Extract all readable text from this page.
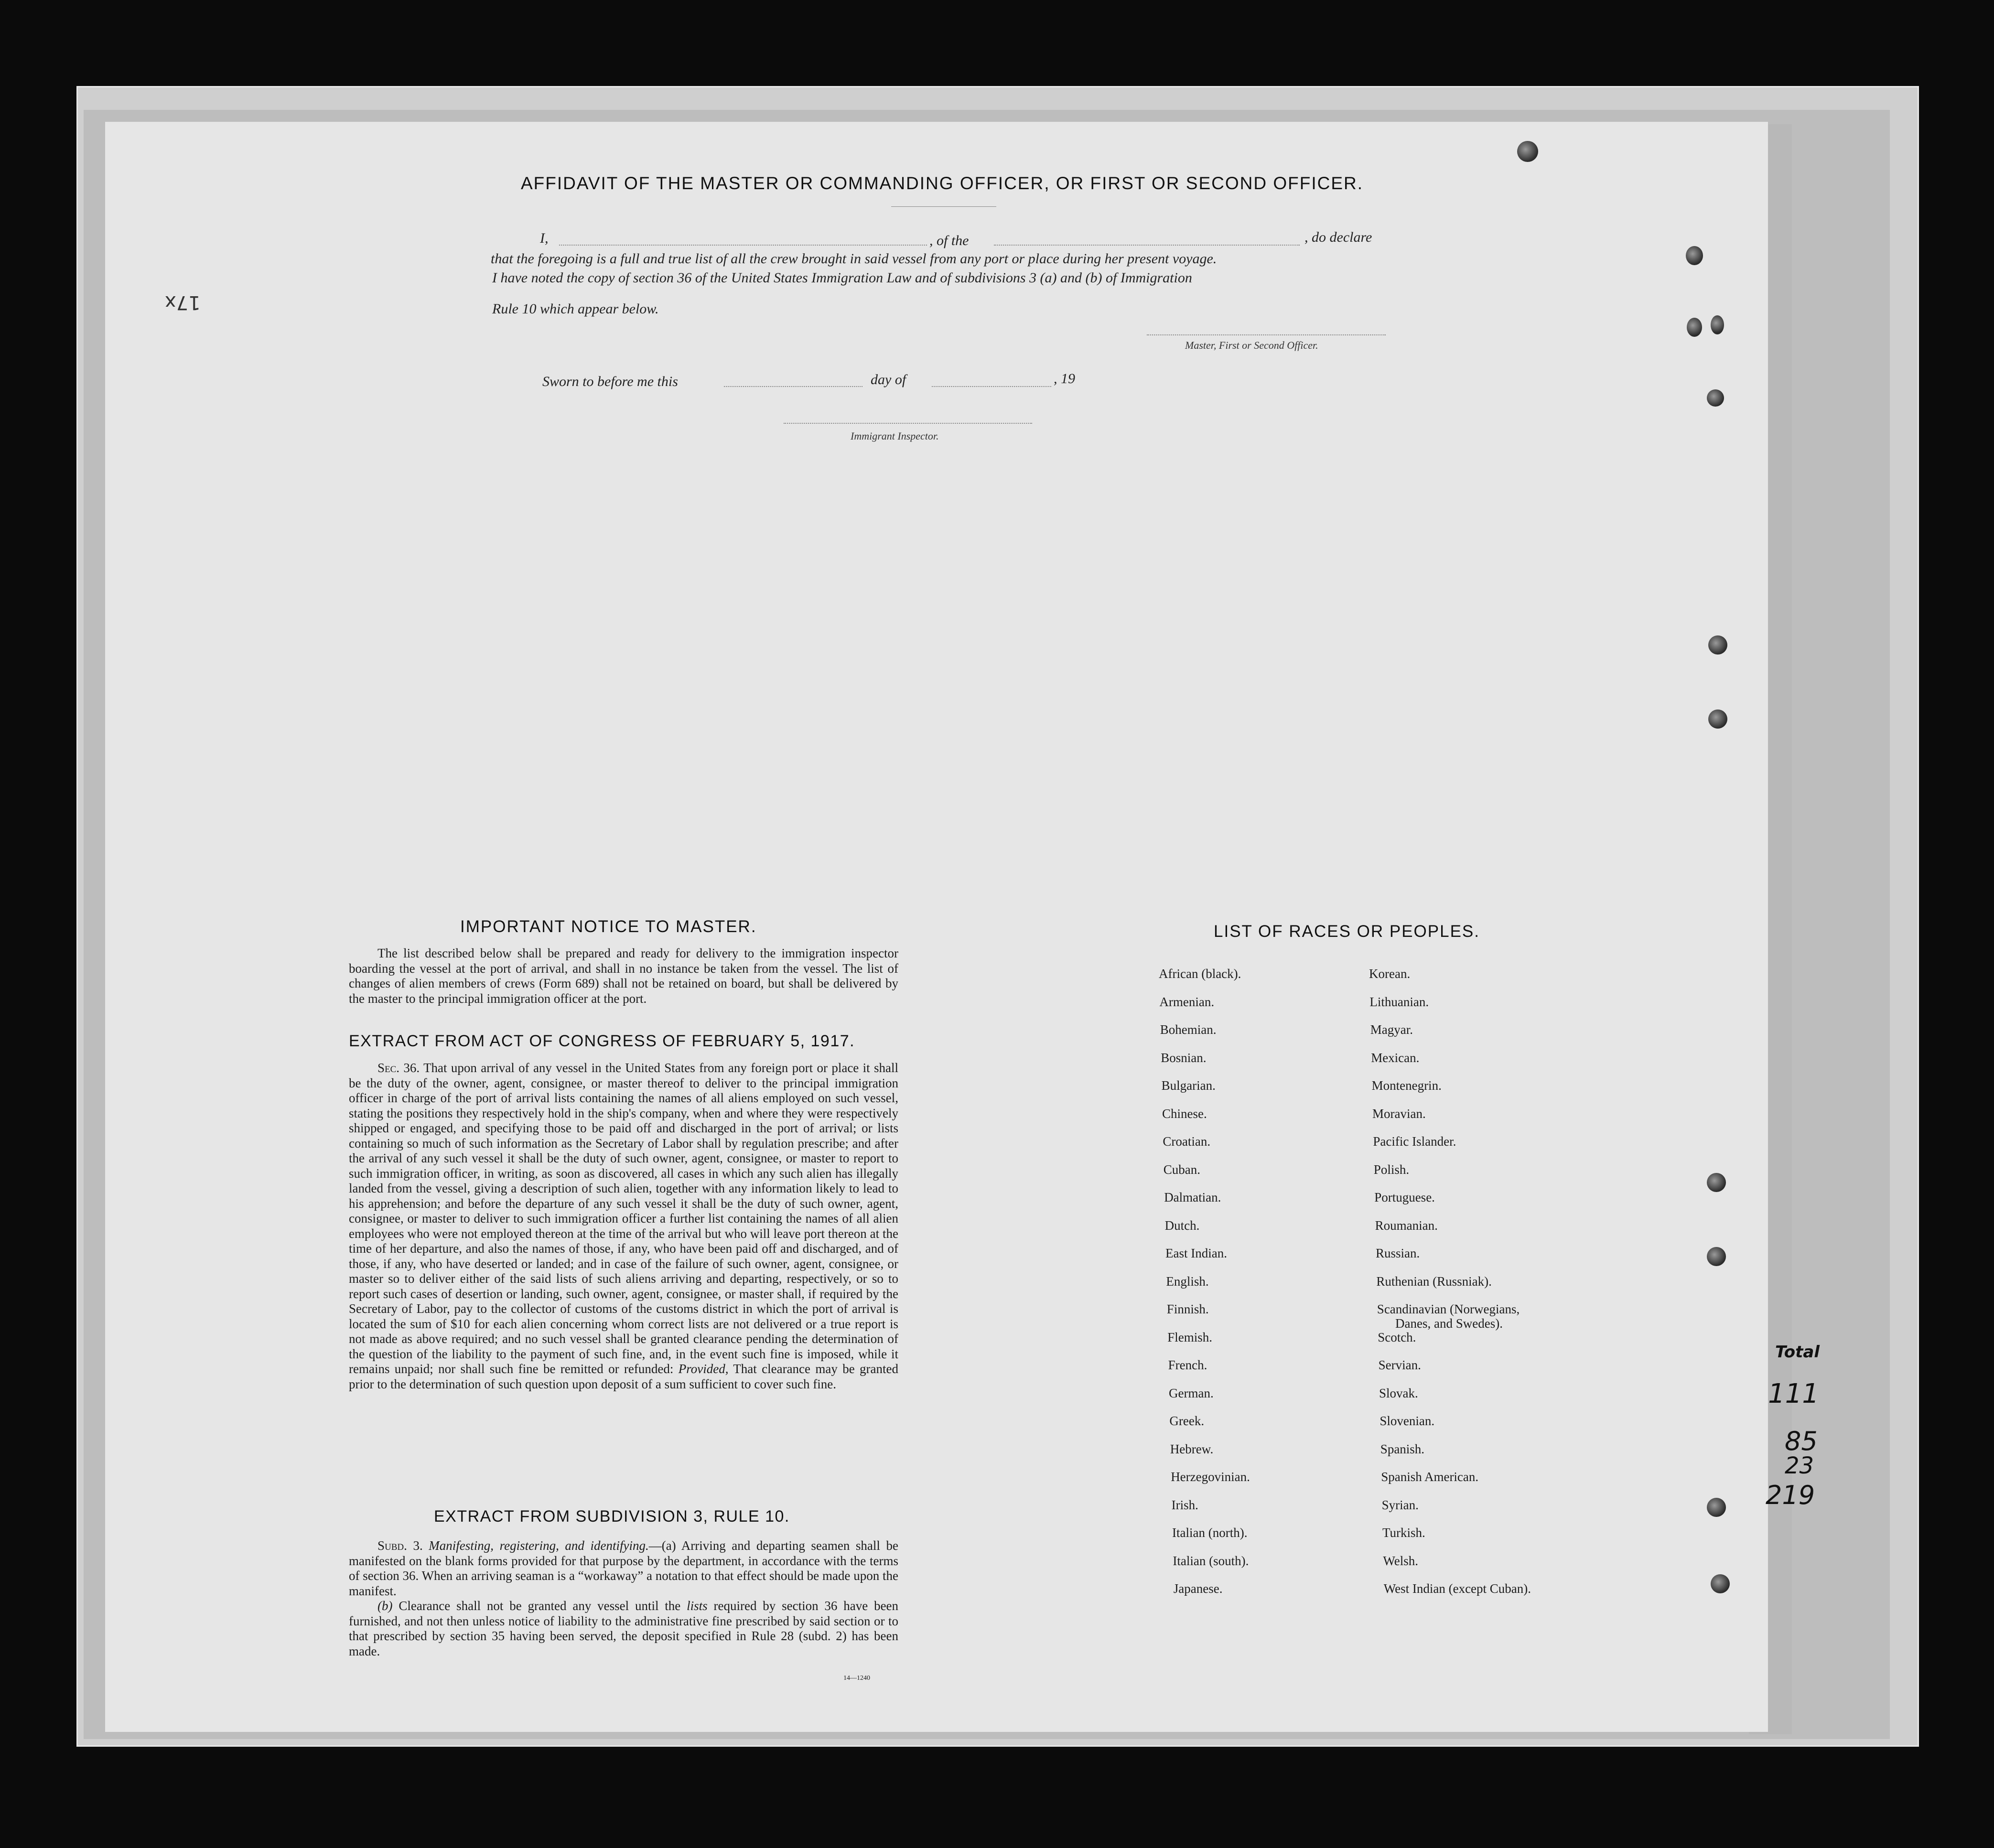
17x
AFFIDAVIT OF THE MASTER OR COMMANDING OFFICER, OR FIRST OR SECOND OFFICER.
I,	, of the	, do declare
that the foregoing is a full and true list of all the crew brought in said vessel from any port or place during her present voyage.
I have noted the copy of section 36 of the United States Immigration Law and of subdivisions 3 (a) and (b) of Immigration
Rule 10 which appear below.
Master, First or Second Officer.
Sworn to before me this	day of	, 19
Immigrant Inspector.
IMPORTANT NOTICE TO MASTER.

The list described below shall be prepared and ready for delivery to the immigration inspector boarding the vessel at the port of arrival, and shall in no instance be taken from the vessel. The list of changes of alien members of crews (Form 689) shall not be retained on board, but shall be delivered by the master to the principal immigration officer at the port.

EXTRACT FROM ACT OF CONGRESS OF FEBRUARY 5, 1917.

Sec. 36. That upon arrival of any vessel in the United States from any foreign port or place it shall be the duty of the owner, agent, consignee, or master thereof to deliver to the principal immigration officer in charge of the port of arrival lists containing the names of all aliens employed on such vessel, stating the positions they respectively hold in the ship's company, when and where they were respectively shipped or engaged, and specifying those to be paid off and discharged in the port of arrival; or lists containing so much of such information as the Secretary of Labor shall by regulation prescribe; and after the arrival of any such vessel it shall be the duty of such owner, agent, consignee, or master to report to such immigration officer, in writing, as soon as discovered, all cases in which any such alien has illegally landed from the vessel, giving a description of such alien, together with any information likely to lead to his apprehension; and before the departure of any such vessel it shall be the duty of such owner, agent, consignee, or master to deliver to such immigration officer a further list containing the names of all alien employees who were not employed thereon at the time of the arrival but who will leave port thereon at the time of her departure, and also the names of those, if any, who have been paid off and discharged, and of those, if any, who have deserted or landed; and in case of the failure of such owner, agent, consignee, or master so to deliver either of the said lists of such aliens arriving and departing, respectively, or so to report such cases of desertion or landing, such owner, agent, consignee, or master shall, if required by the Secretary of Labor, pay to the collector of customs of the customs district in which the port of arrival is located the sum of $10 for each alien concerning whom correct lists are not delivered or a true report is not made as above required; and no such vessel shall be granted clearance pending the determination of the question of the liability to the payment of such fine, and, in the event such fine is imposed, while it remains unpaid; nor shall such fine be remitted or refunded: Provided, That clearance may be granted prior to the determination of such question upon deposit of a sum sufficient to cover such fine.

EXTRACT FROM SUBDIVISION 3, RULE 10.

Subd. 3. Manifesting, registering, and identifying.—(a) Arriving and departing seamen shall be manifested on the blank forms provided for that purpose by the department, in accordance with the terms of section 36. When an arriving seaman is a “workaway” a notation to that effect should be made upon the manifest.

(b) Clearance shall not be granted any vessel until the lists required by section 36 have been furnished, and not then unless notice of liability to the administrative fine prescribed by said section or to that prescribed by section 35 having been served, the deposit specified in Rule 28 (subd. 2) has been made.

14—1240
LIST OF RACES OR PEOPLES.
African (black).
Armenian.
Bohemian.
Bosnian.
Bulgarian.
Chinese.
Croatian.
Cuban.
Dalmatian.
Dutch.
East Indian.
English.
Finnish.
Flemish.
French.
German.
Greek.
Hebrew.
Herzegovinian.
Irish.
Italian (north).
Italian (south).
Japanese.
Korean.
Lithuanian.
Magyar.
Mexican.
Montenegrin.
Moravian.
Pacific Islander.
Polish.
Portuguese.
Roumanian.
Russian.
Ruthenian (Russniak).
Scandinavian (Norwegians,
Danes, and Swedes).
Scotch.
Servian.
Slovak.
Slovenian.
Spanish.
Spanish American.
Syrian.
Turkish.
Welsh.
West Indian (except Cuban).
Total
111
85
23
219
